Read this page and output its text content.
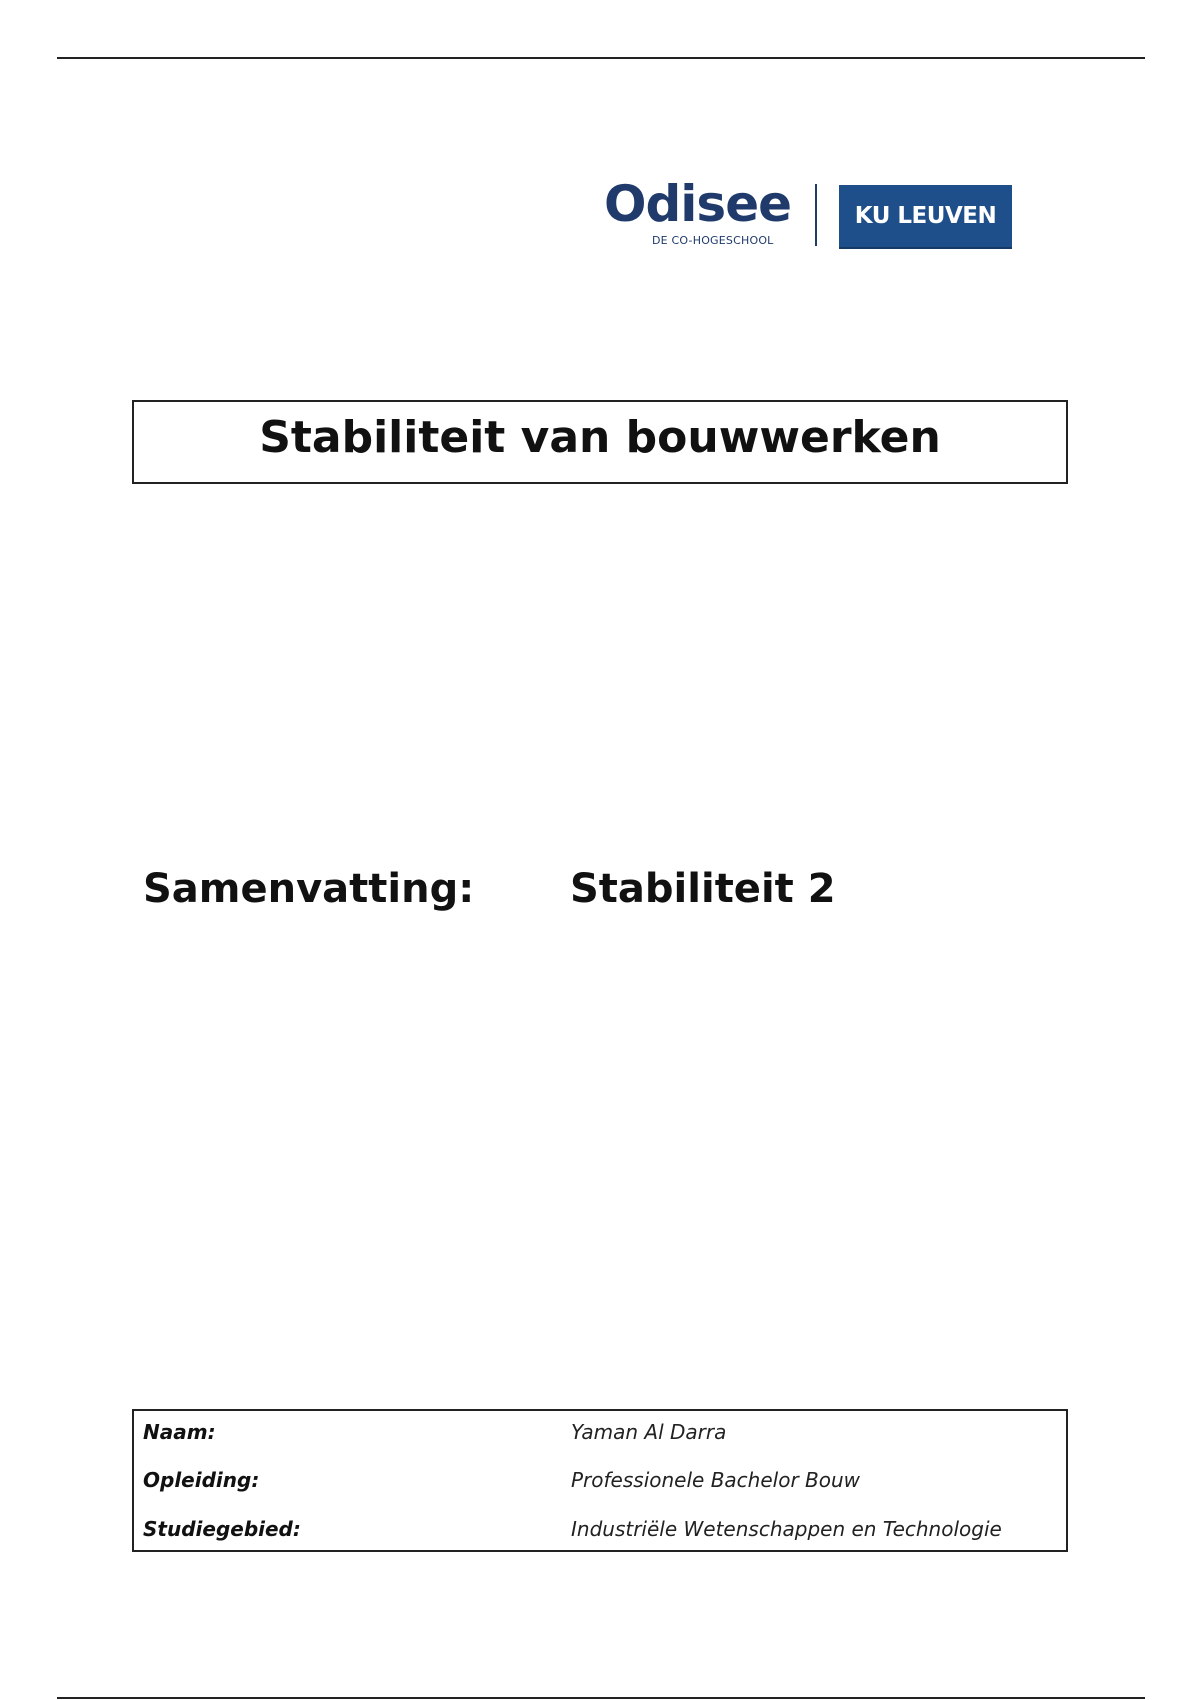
Odisee
DE CO-HOGESCHOOL
KU LEUVEN
Stabiliteit van bouwwerken
Samenvatting: Stabiliteit 2
Naam:	Yaman Al Darra
Opleiding:	Professionele Bachelor Bouw
Studiegebied:	Industriële Wetenschappen en Technologie
